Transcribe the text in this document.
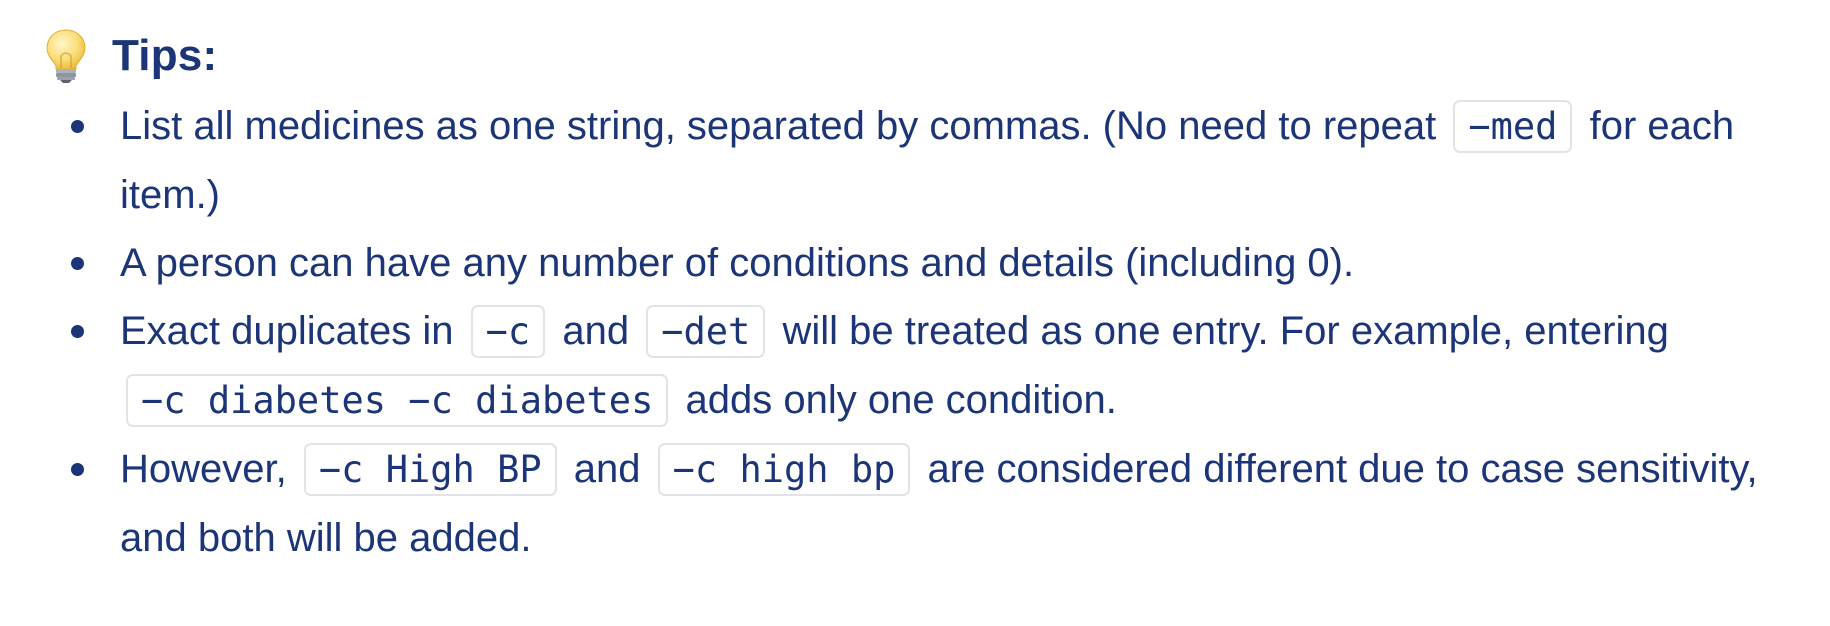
Tips:
List all medicines as one string, separated by commas. (No need to repeat −med for each item.)
A person can have any number of conditions and details (including 0).
Exact duplicates in −c and −det will be treated as one entry. For example, entering −c diabetes −c diabetes adds only one condition.
However, −c High BP and −c high bp are considered different due to case sensitivity, and both will be added.
